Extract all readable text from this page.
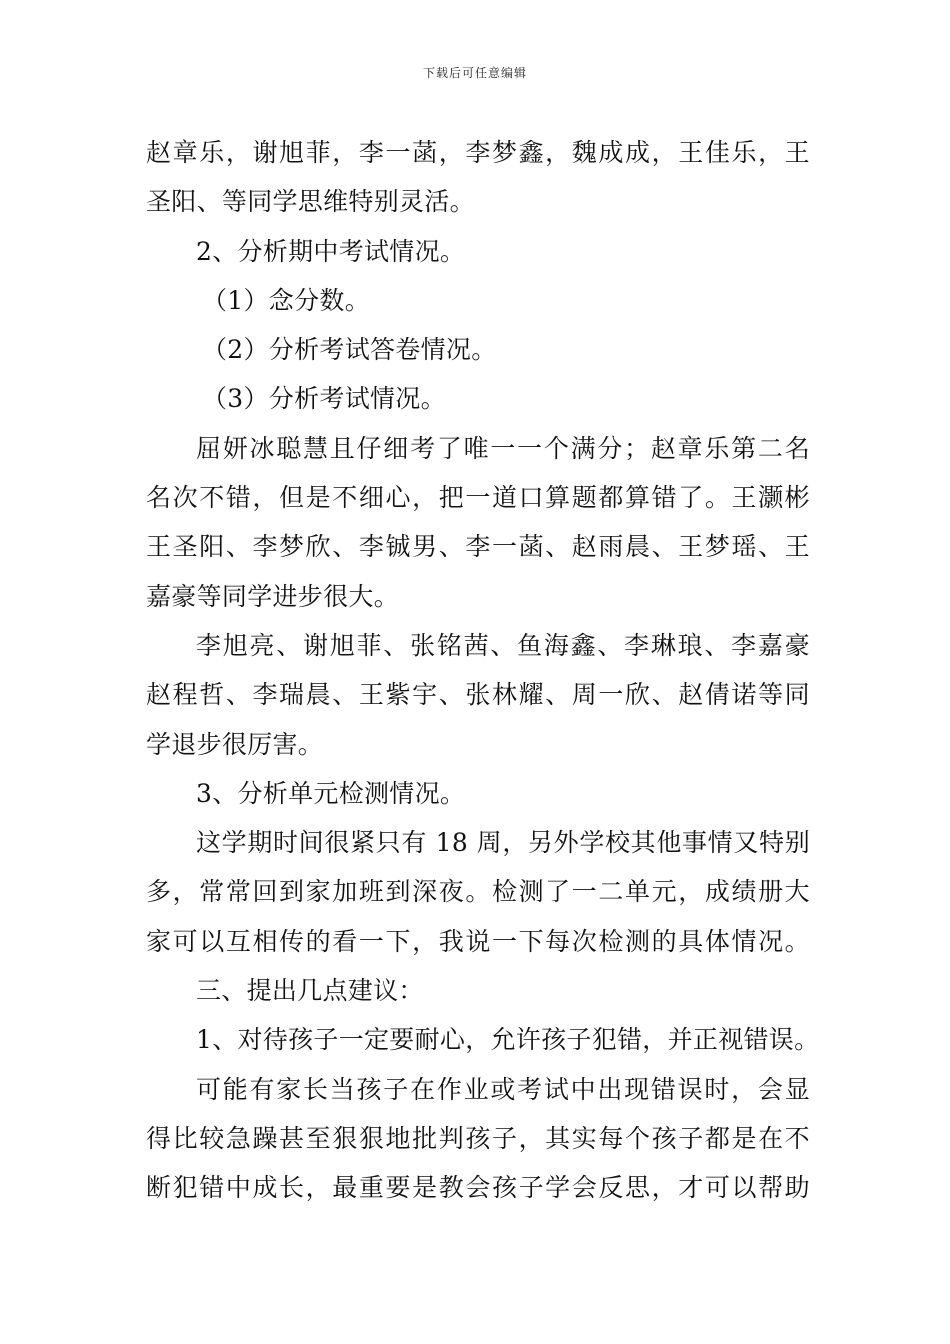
下载后可任意编辑
赵章乐，谢旭菲，李一菡，李梦鑫，魏成成，王佳乐，王
圣阳、等同学思维特别灵活。
2、分析期中考试情况。
（1）念分数。
（2）分析考试答卷情况。
（3）分析考试情况。
屈妍冰聪慧且仔细考了唯一一个满分；赵章乐第二名
名次不错，但是不细心，把一道口算题都算错了。王灏彬
王圣阳、李梦欣、李铖男、李一菡、赵雨晨、王梦瑶、王
嘉豪等同学进步很大。
李旭亮、谢旭菲、张铭茜、鱼海鑫、李琳琅、李嘉豪
赵程哲、李瑞晨、王紫宇、张林耀、周一欣、赵倩诺等同
学退步很厉害。
3、分析单元检测情况。
这学期时间很紧只有 18 周，另外学校其他事情又特别
多，常常回到家加班到深夜。检测了一二单元，成绩册大
家可以互相传的看一下，我说一下每次检测的具体情况。
三、提出几点建议：
1、对待孩子一定要耐心，允许孩子犯错，并正视错误。
可能有家长当孩子在作业或考试中出现错误时，会显
得比较急躁甚至狠狠地批判孩子，其实每个孩子都是在不
断犯错中成长，最重要是教会孩子学会反思，才可以帮助
